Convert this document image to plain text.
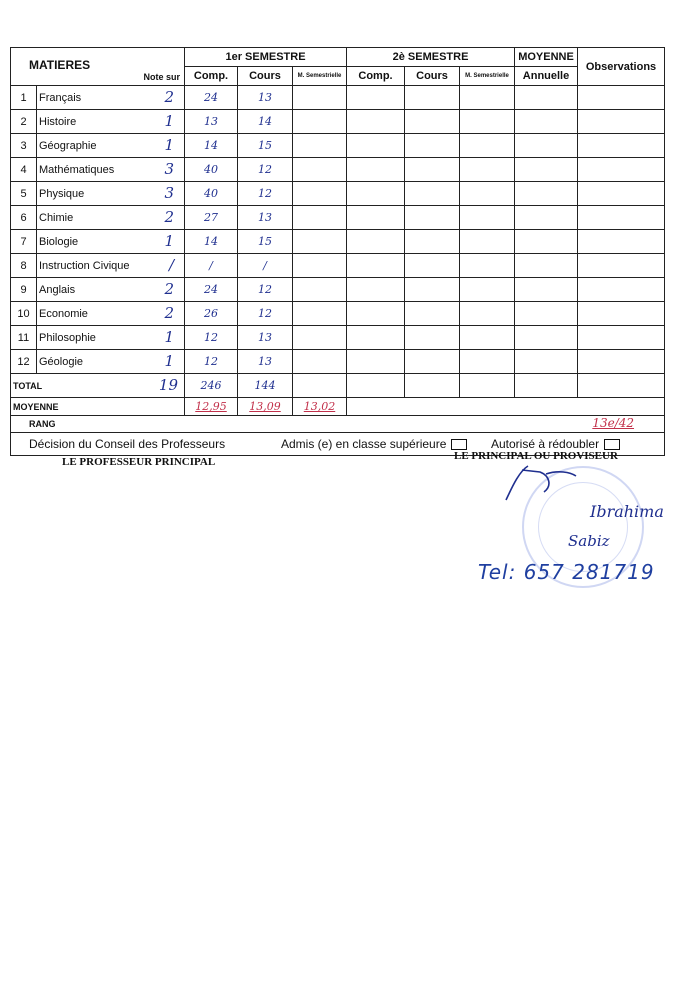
MATIERES
Note sur		1er SEMESTRE			2è SEMESTRE			MOYENNE	Observations
		Comp.	Cours	M. Semestrielle	Comp.	Cours	M. Semestrielle	Annuelle	
1	Français 2	24	13						
2	Histoire 1	13	14						
3	Géographie 1	14	15						
4	Mathématiques 3	40	12						
5	Physique 3	40	12						
6	Chimie 2	27	13						
7	Biologie 1	14	15						
8	Instruction Civique /	/	/						
9	Anglais 2	24	12						
10	Economie 2	26	12						
11	Philosophie 1	12	13						
12	Géologie 1	12	13						
TOTAL 19		246	144						
MOYENNE		12,95	13,09	13,02					
RANG 13e/42									

Décision du Conseil des Professeurs Admis (e) en classe supérieure Autorisé à rédoubler									
LE PROFESSEUR PRINCIPAL	LE PRINCIPAL OU PROVISEUR
Ibrahima
Sabiz
Tel: 657 281719
